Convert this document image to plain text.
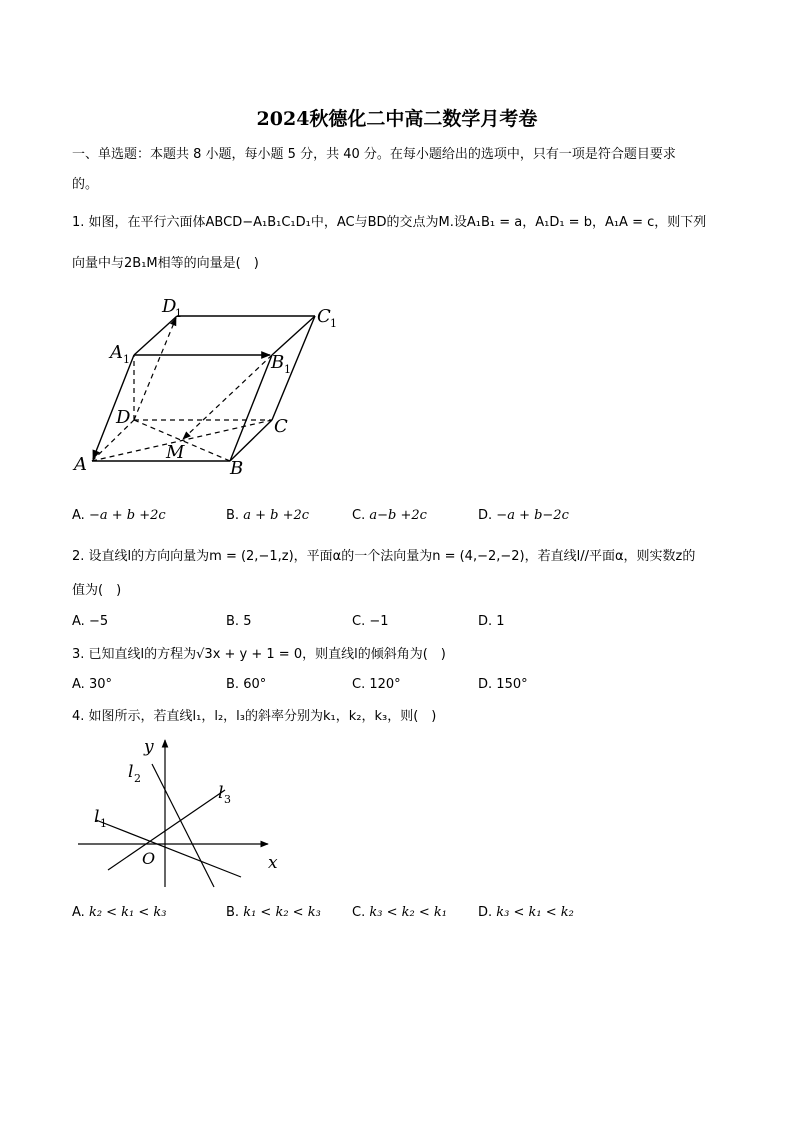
2024秋德化二中高二数学月考卷
一、单选题：本题共 8 小题，每小题 5 分，共 40 分。在每小题给出的选项中，只有一项是符合题目要求
的。
1. 如图，在平行六面体ABCD−A₁B₁C₁D₁中，AC与BD的交点为M.设A₁B₁ = a，A₁D₁ = b，A₁A = c，则下列
向量中与2B₁M相等的向量是(　)
A	B
C
D
M
A 1	B 1
C 1
D
1
A. −a + b +2c	B. a + b +2c	C. a−b +2c	D. −a + b−2c
2. 设直线l的方向向量为m = (2,−1,z)，平面α的一个法向量为n = (4,−2,−2)，若直线l//平面α，则实数z的
值为(　)
A. −5	B. 5	C. −1	D. 1
3. 已知直线l的方程为√3x + y + 1 = 0，则直线l的倾斜角为(　)
A. 30°	B. 60°	C. 120°	D. 150°
4. 如图所示，若直线l₁，l₂，l₃的斜率分别为k₁，k₂，k₃，则(　)
y
x
O
l 1
l 2
l 3
A. k₂ < k₁ < k₃	B. k₁ < k₂ < k₃ C. k₃ < k₂ < k₁ D. k₃ < k₁ < k₂
